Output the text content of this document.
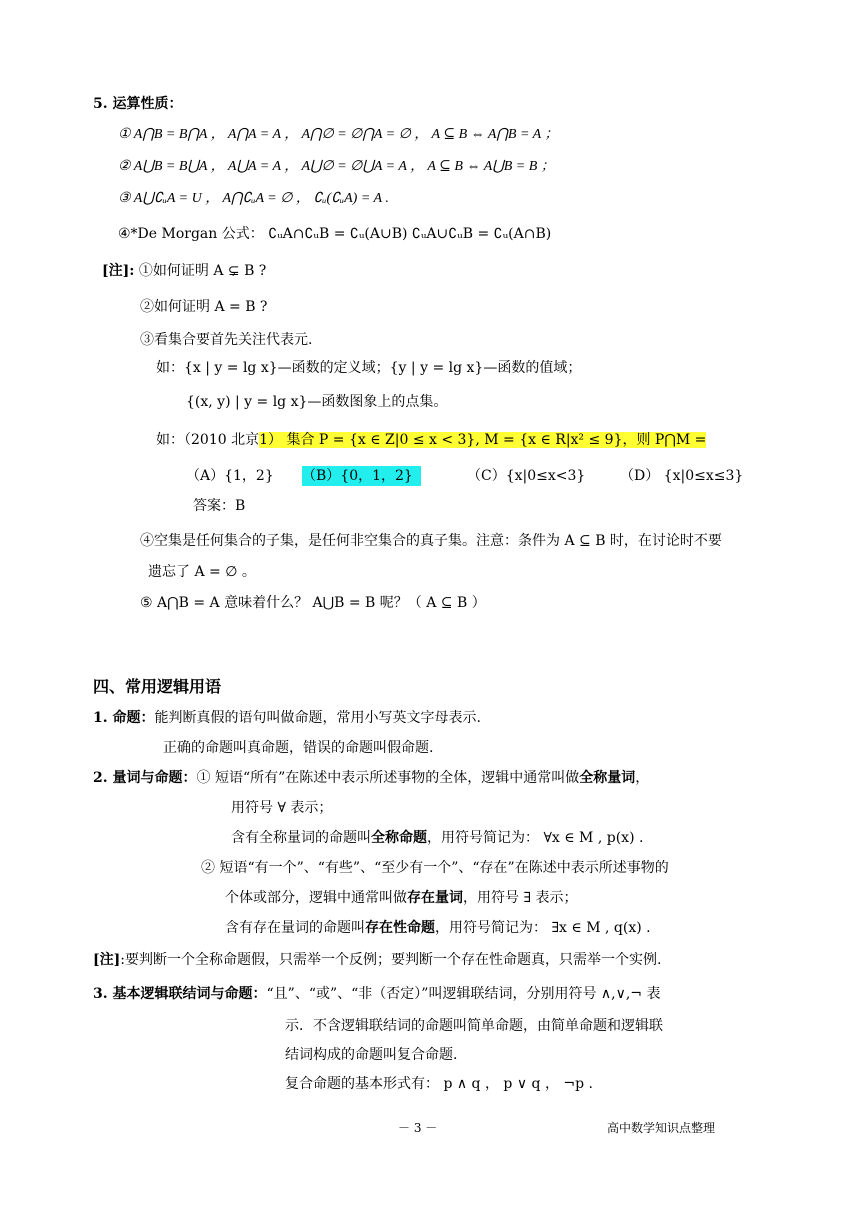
5. 运算性质：
① A⋂B = B⋂A ， A⋂A = A ， A⋂∅ = ∅⋂A = ∅ ， A ⊆ B ⇔ A⋂B = A ；
② A⋃B = B⋃A ， A⋃A = A ， A⋃∅ = ∅⋃A = A ， A ⊆ B ⇔ A⋃B = B ；
③ A⋃∁ᵤA = U ， A⋂∁ᵤA = ∅ ， ∁ᵤ(∁ᵤA) = A .
④*De Morgan 公式： ∁ᵤA∩∁ᵤB = ∁ᵤ(A∪B) ∁ᵤA∪∁ᵤB = ∁ᵤ(A∩B)
[注]: ①如何证明 A ⊊ B ?
②如何证明 A = B ?
③看集合要首先关注代表元.
如：{x | y = lg x}—函数的定义域；{y | y = lg x}—函数的值域；
{(x, y) | y = lg x}—函数图象上的点集。
如：（2010 北京1） 集合 P = {x ∈ Z|0 ≤ x < 3}, M = {x ∈ R|x² ≤ 9}，则 P⋂M =
（A）{1，2} （B）{0，1，2}	（C）{x|0≤x<3} （D） {x|0≤x≤3}
答案：B
④空集是任何集合的子集，是任何非空集合的真子集。注意：条件为 A ⊆ B 时，在讨论时不要
遗忘了 A = ∅ 。
⑤ A⋂B = A 意味着什么？ A⋃B = B 呢？（ A ⊆ B ）
四、常用逻辑用语
1. 命题：能判断真假的语句叫做命题，常用小写英文字母表示.
正确的命题叫真命题，错误的命题叫假命题.
2. 量词与命题：① 短语“所有”在陈述中表示所述事物的全体，逻辑中通常叫做全称量词，
用符号 ∀ 表示；
含有全称量词的命题叫全称命题，用符号简记为： ∀x ∈ M , p(x) .
② 短语“有一个”、“有些”、“至少有一个”、“存在”在陈述中表示所述事物的
个体或部分，逻辑中通常叫做存在量词，用符号 ∃ 表示；
含有存在量词的命题叫存在性命题，用符号简记为： ∃x ∈ M , q(x) .
[注]:要判断一个全称命题假，只需举一个反例；要判断一个存在性命题真，只需举一个实例.
3. 基本逻辑联结词与命题：“且”、“或”、“非（否定）”叫逻辑联结词，分别用符号 ∧,∨,¬ 表
示．不含逻辑联结词的命题叫简单命题，由简单命题和逻辑联
结词构成的命题叫复合命题.
复合命题的基本形式有： p ∧ q ， p ∨ q ， ¬p .
－ 3 －	高中数学知识点整理
